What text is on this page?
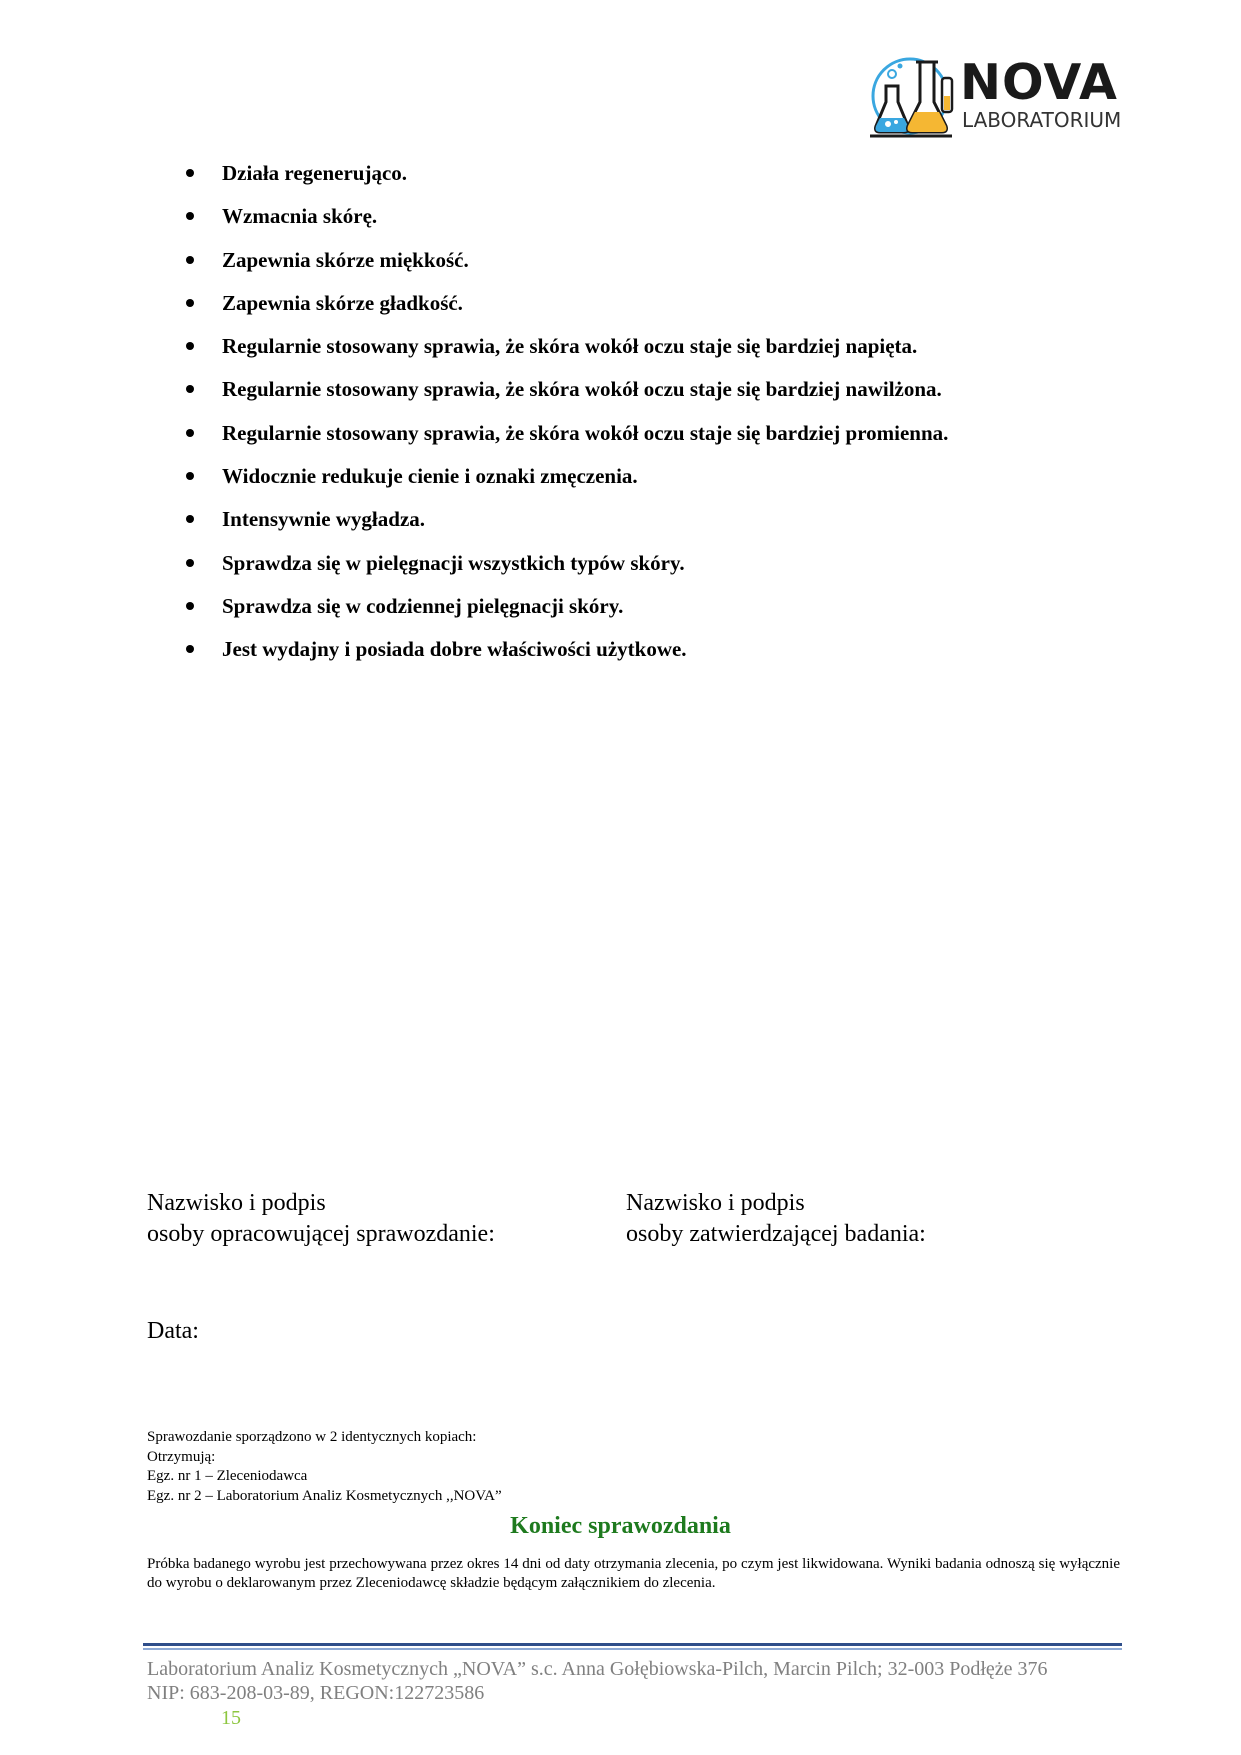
NOVA
LABORATORIUM
Działa regenerująco.
Wzmacnia skórę.
Zapewnia skórze miękkość.
Zapewnia skórze gładkość.
Regularnie stosowany sprawia, że skóra wokół oczu staje się bardziej napięta.
Regularnie stosowany sprawia, że skóra wokół oczu staje się bardziej nawilżona.
Regularnie stosowany sprawia, że skóra wokół oczu staje się bardziej promienna.
Widocznie redukuje cienie i oznaki zmęczenia.
Intensywnie wygładza.
Sprawdza się w pielęgnacji wszystkich typów skóry.
Sprawdza się w codziennej pielęgnacji skóry.
Jest wydajny i posiada dobre właściwości użytkowe.
Nazwisko i podpis
osoby opracowującej sprawozdanie:
Nazwisko i podpis
osoby zatwierdzającej badania:
Data:
Sprawozdanie sporządzono w 2 identycznych kopiach:
Otrzymują:
Egz. nr 1 – Zleceniodawca
Egz. nr 2 – Laboratorium Analiz Kosmetycznych ,,NOVA”
Koniec sprawozdania
Próbka badanego wyrobu jest przechowywana przez okres 14 dni od daty otrzymania zlecenia, po czym jest likwidowana. Wyniki badania odnoszą się wyłącznie do wyrobu o deklarowanym przez Zleceniodawcę składzie będącym załącznikiem do zlecenia.
Laboratorium Analiz Kosmetycznych „NOVA” s.c. Anna Gołębiowska-Pilch, Marcin Pilch; 32-003 Podłęże 376
NIP: 683-208-03-89, REGON:122723586
15
